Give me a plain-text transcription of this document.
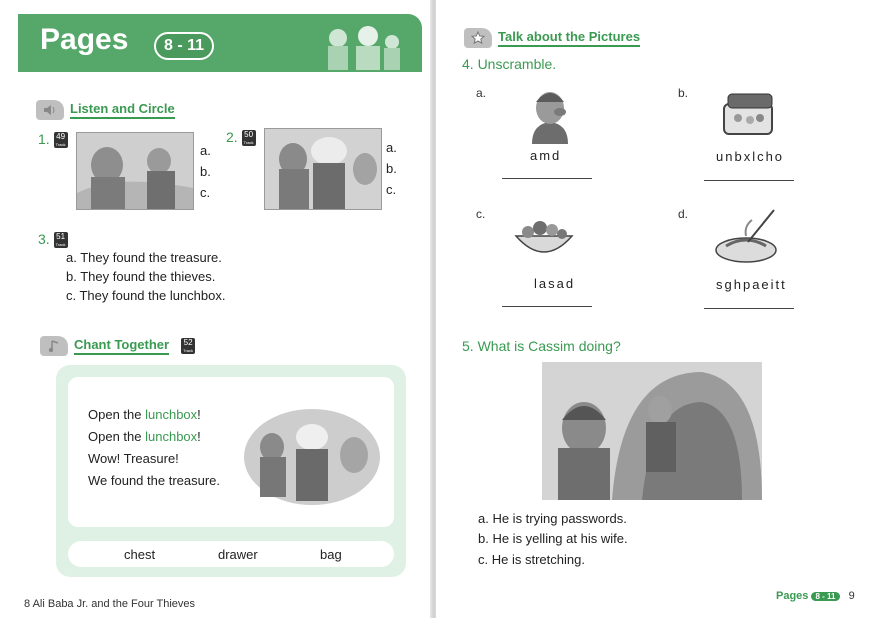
Pages	8 - 11
Listen and Circle
1. 49
Track	a.
b.
c.
2. 50
Track	a.
b.
c.
3. 51
Track
a. They found the treasure.
b. They found the thieves.
c. They found the lunchbox.
Chant Together	52
Track
Open the lunchbox!
Open the lunchbox!
Wow! Treasure!
We found the treasure.
chest	drawer	bag
8 Ali Baba Jr. and the Four Thieves
Talk about the Pictures
4. Unscramble.
a.
amd
b.
unbxlcho
c.
lasad
d.
sghpaeitt
5. What is Cassim doing?
a. He is trying passwords.
b. He is yelling at his wife.
c. He is stretching.
Pages 8 - 11 9
